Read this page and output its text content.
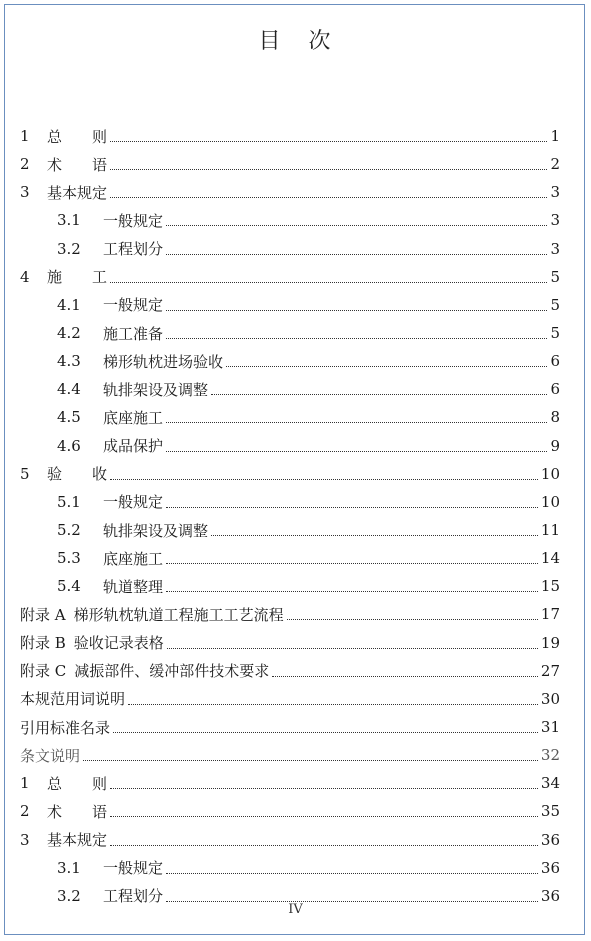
目 次
1	总　　则	1
2	术　　语	2
3	基本规定	3
3.1	一般规定	3
3.2	工程划分	3
4	施　　工	5
4.1	一般规定	5
4.2	施工准备	5
4.3	梯形轨枕进场验收	6
4.4	轨排架设及调整	6
4.5	底座施工	8
4.6	成品保护	9
5	验　　收	10
5.1	一般规定	10
5.2	轨排架设及调整	11
5.3	底座施工	14
5.4	轨道整理	15
附录 A 梯形轨枕轨道工程施工工艺流程	17
附录 B 验收记录表格	19
附录 C 减振部件、缓冲部件技术要求	27
本规范用词说明	30
引用标准名录	31
条文说明	32
1	总　　则	34
2	术　　语	35
3	基本规定	36
3.1	一般规定	36
3.2	工程划分	36
IV
